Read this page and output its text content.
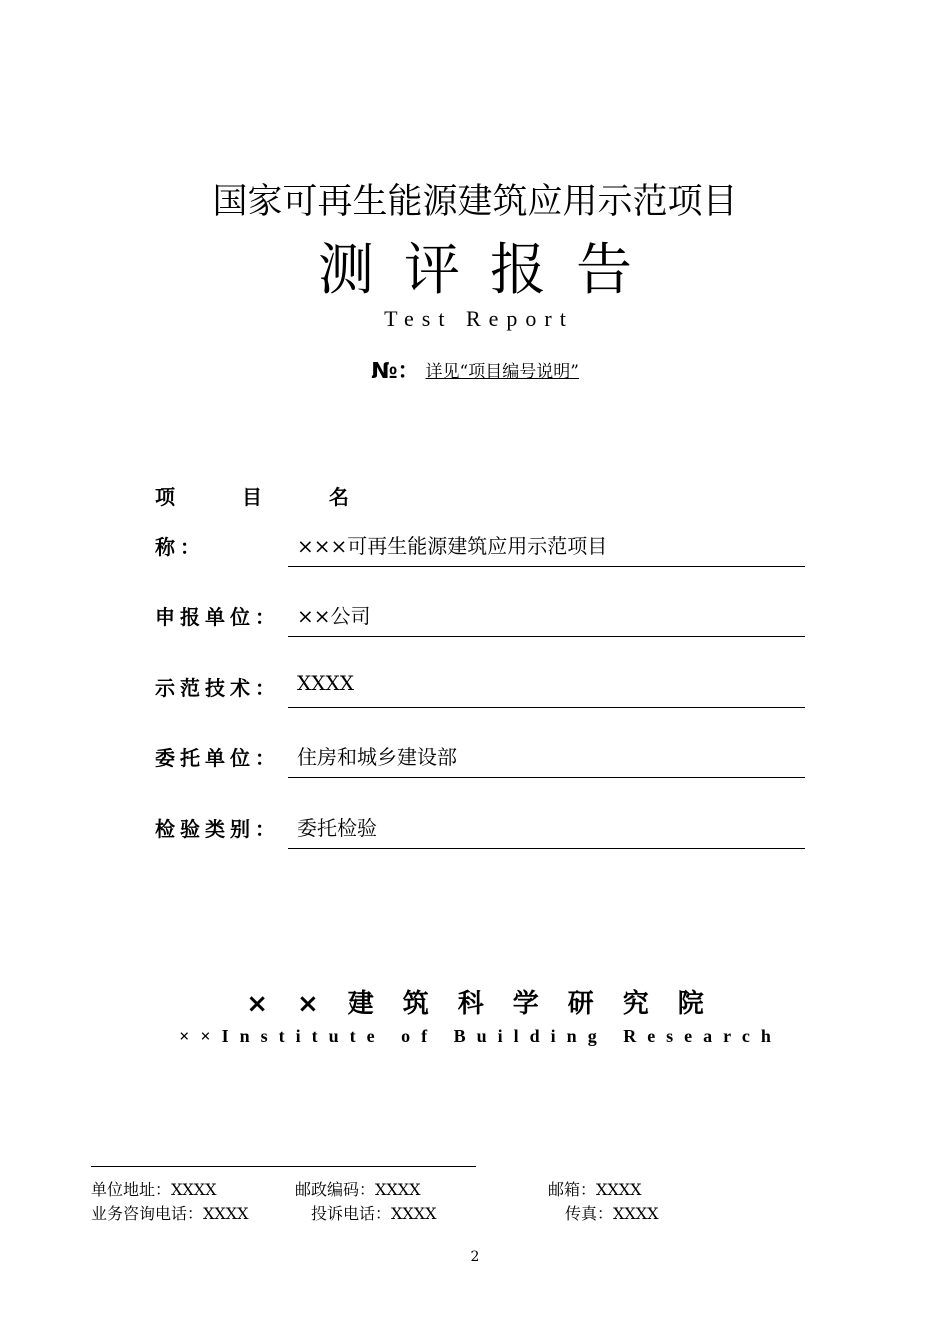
国家可再生能源建筑应用示范项目
测评报告
Test Report
№： 详见“项目编号说明”
项 目 名
称：	×××可再生能源建筑应用示范项目
申报单位： ××公司
示范技术： XXXX
委托单位： 住房和城乡建设部
检验类别： 委托检验
××建筑科学研究院
××Institute of Building Research
单位地址：XXXX	邮政编码：XXXX	邮箱：XXXX
业务咨询电话：XXXX	投诉电话：XXXX	传真：XXXX
2
